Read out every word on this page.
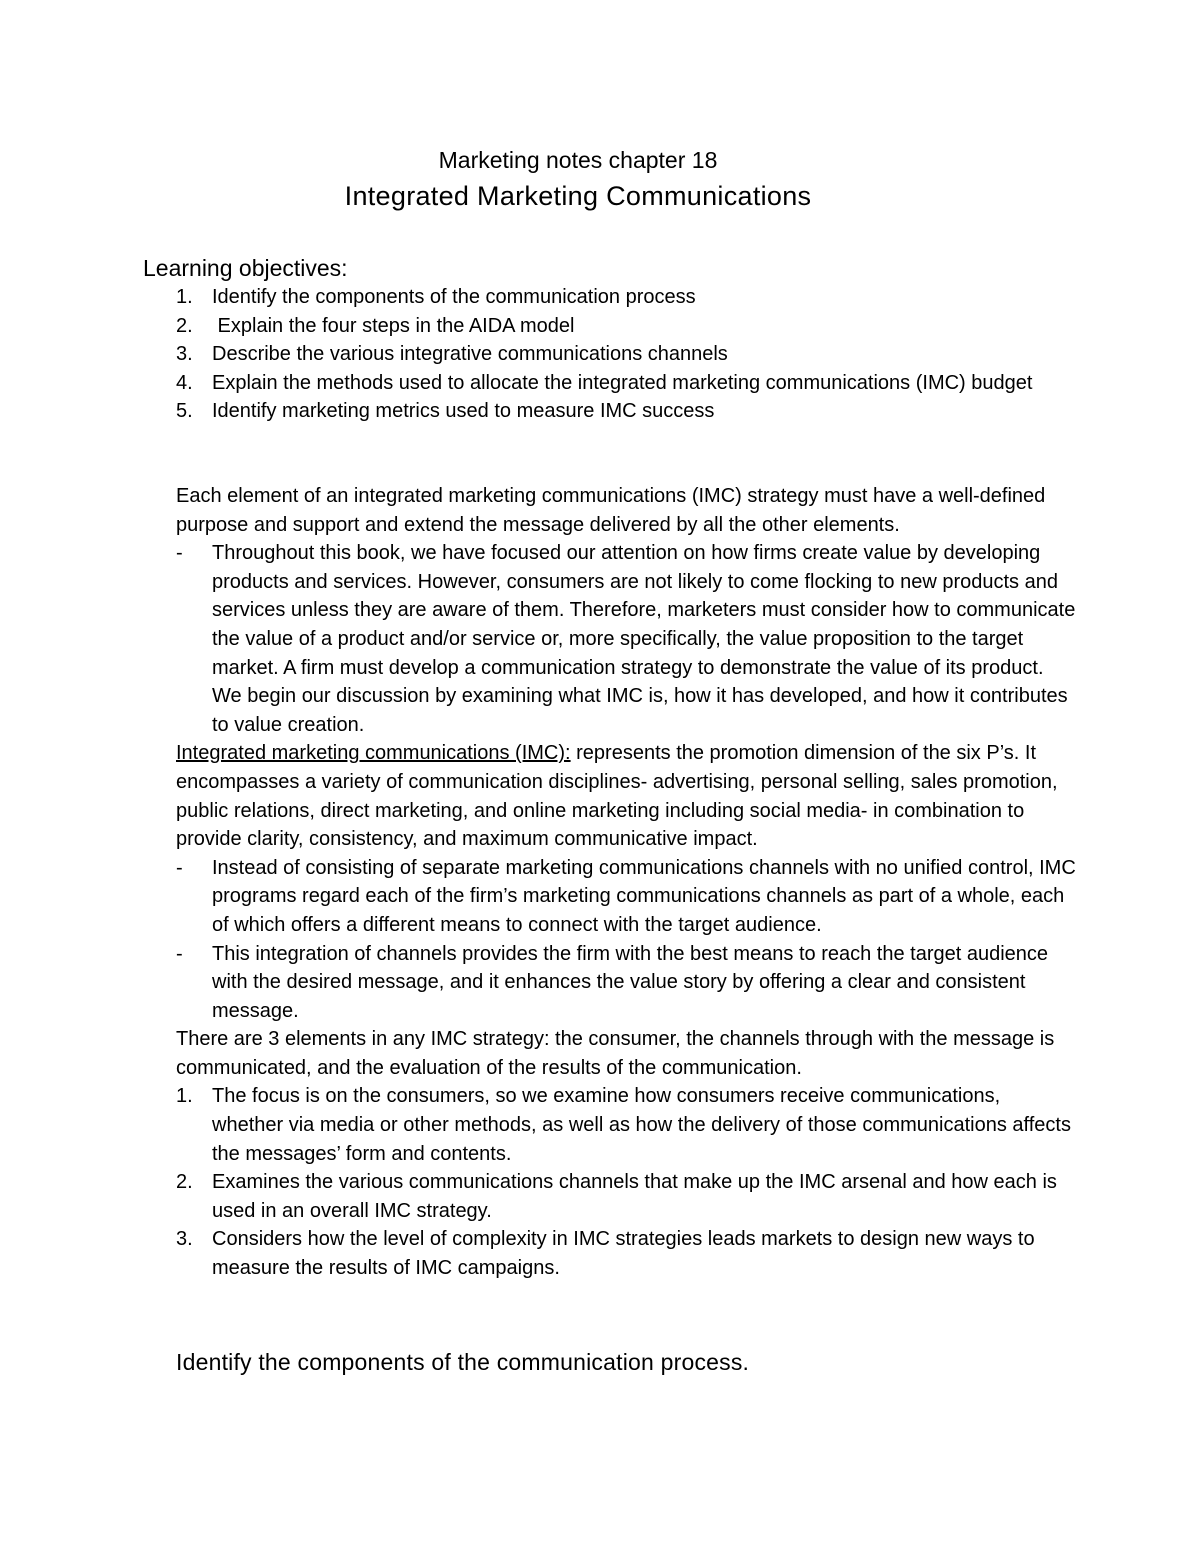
Marketing notes chapter 18
Integrated Marketing Communications
Learning objectives:
1. Identify the components of the communication process
2. Explain the four steps in the AIDA model
3. Describe the various integrative communications channels
4. Explain the methods used to allocate the integrated marketing communications (IMC) budget
5. Identify marketing metrics used to measure IMC success

Each element of an integrated marketing communications (IMC) strategy must have a well-defined purpose and support and extend the message delivered by all the other elements.

-	Throughout this book, we have focused our attention on how firms create value by developing products and services. However, consumers are not likely to come flocking to new products and services unless they are aware of them. Therefore, marketers must consider how to communicate the value of a product and/or service or, more specifically, the value proposition to the target market. A firm must develop a communication strategy to demonstrate the value of its product. We begin our discussion by examining what IMC is, how it has developed, and how it contributes to value creation.

Integrated marketing communications (IMC): represents the promotion dimension of the six P’s. It encompasses a variety of communication disciplines- advertising, personal selling, sales promotion, public relations, direct marketing, and online marketing including social media- in combination to provide clarity, consistency, and maximum communicative impact.

-	Instead of consisting of separate marketing communications channels with no unified control, IMC programs regard each of the firm’s marketing communications channels as part of a whole, each of which offers a different means to connect with the target audience.
-	This integration of channels provides the firm with the best means to reach the target audience with the desired message, and it enhances the value story by offering a clear and consistent message.

There are 3 elements in any IMC strategy: the consumer, the channels through with the message is communicated, and the evaluation of the results of the communication.

1. The focus is on the consumers, so we examine how consumers receive communications, whether via media or other methods, as well as how the delivery of those communications affects the messages’ form and contents.
2. Examines the various communications channels that make up the IMC arsenal and how each is used in an overall IMC strategy.
3. Considers how the level of complexity in IMC strategies leads markets to design new ways to measure the results of IMC campaigns.
Identify the components of the communication process.
